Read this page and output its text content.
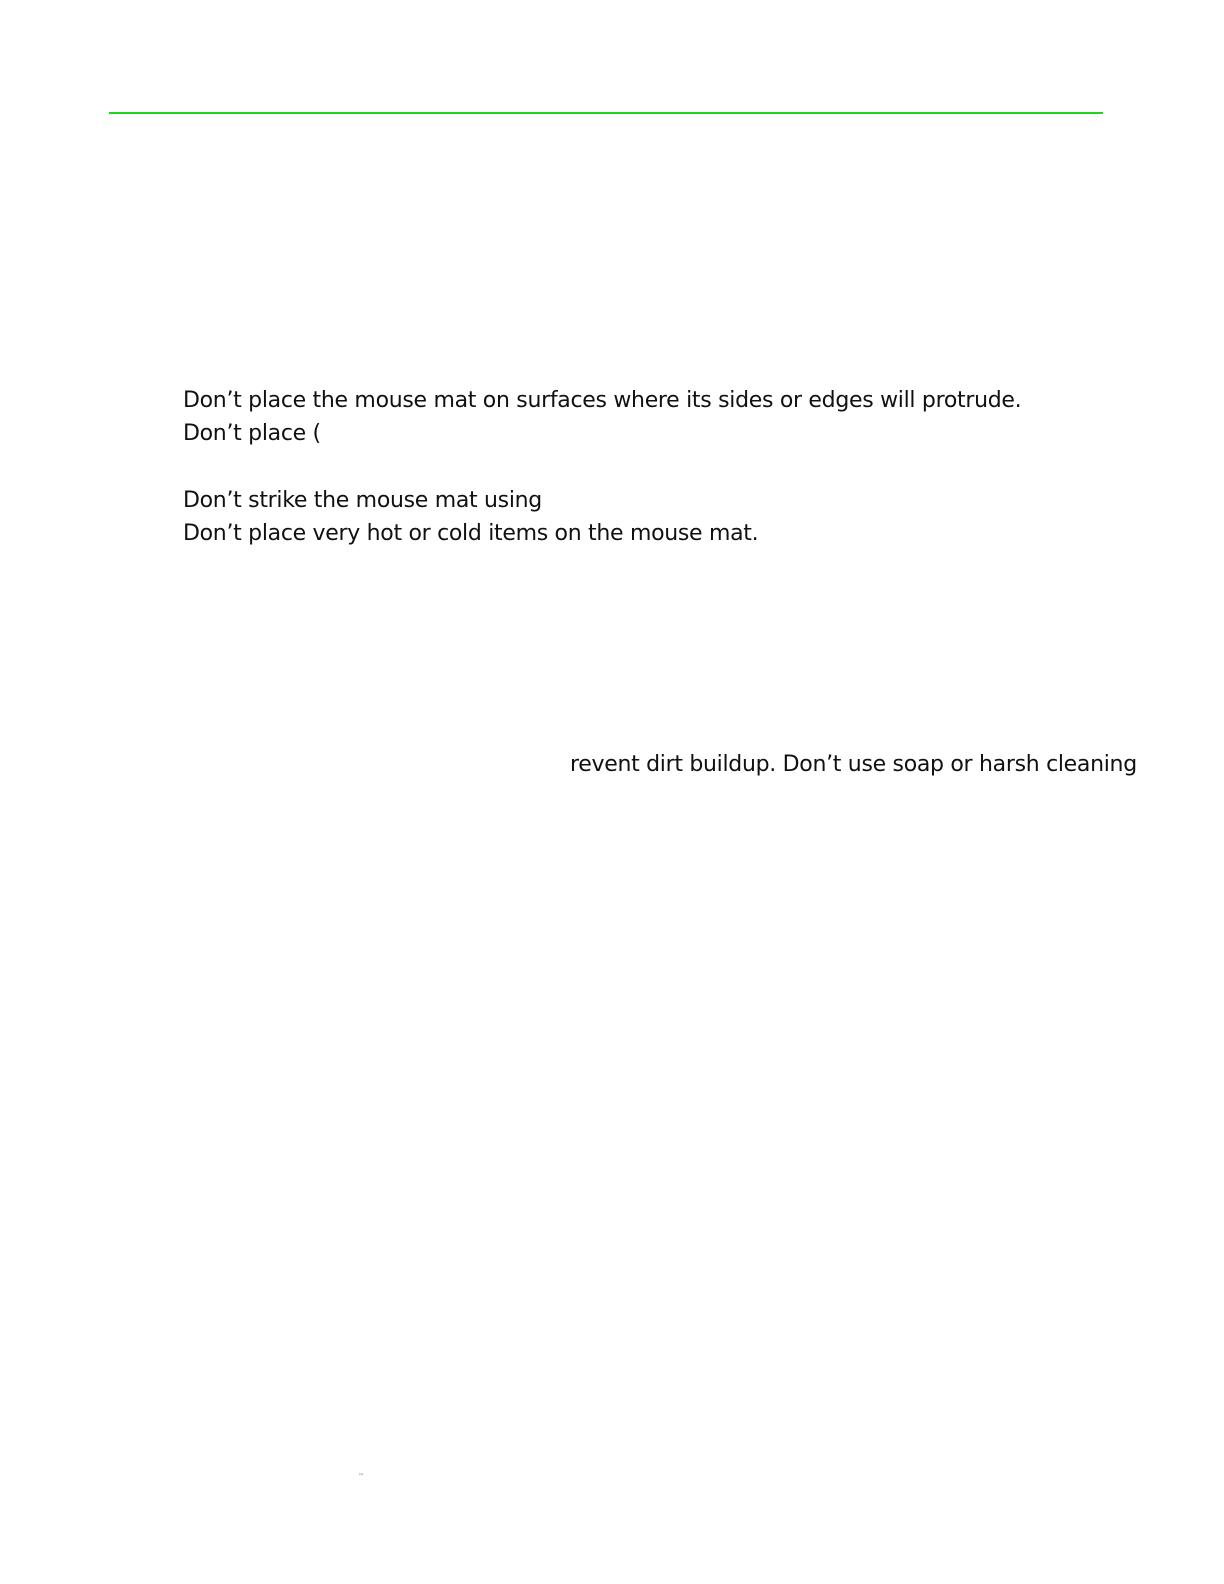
Don’t place the mouse mat on surfaces where its sides or edges will protrude.
Don’t place (
Don’t strike the mouse mat using
Don’t place very hot or cold items on the mouse mat.
revent dirt buildup. Don’t use soap or harsh cleaning
™
